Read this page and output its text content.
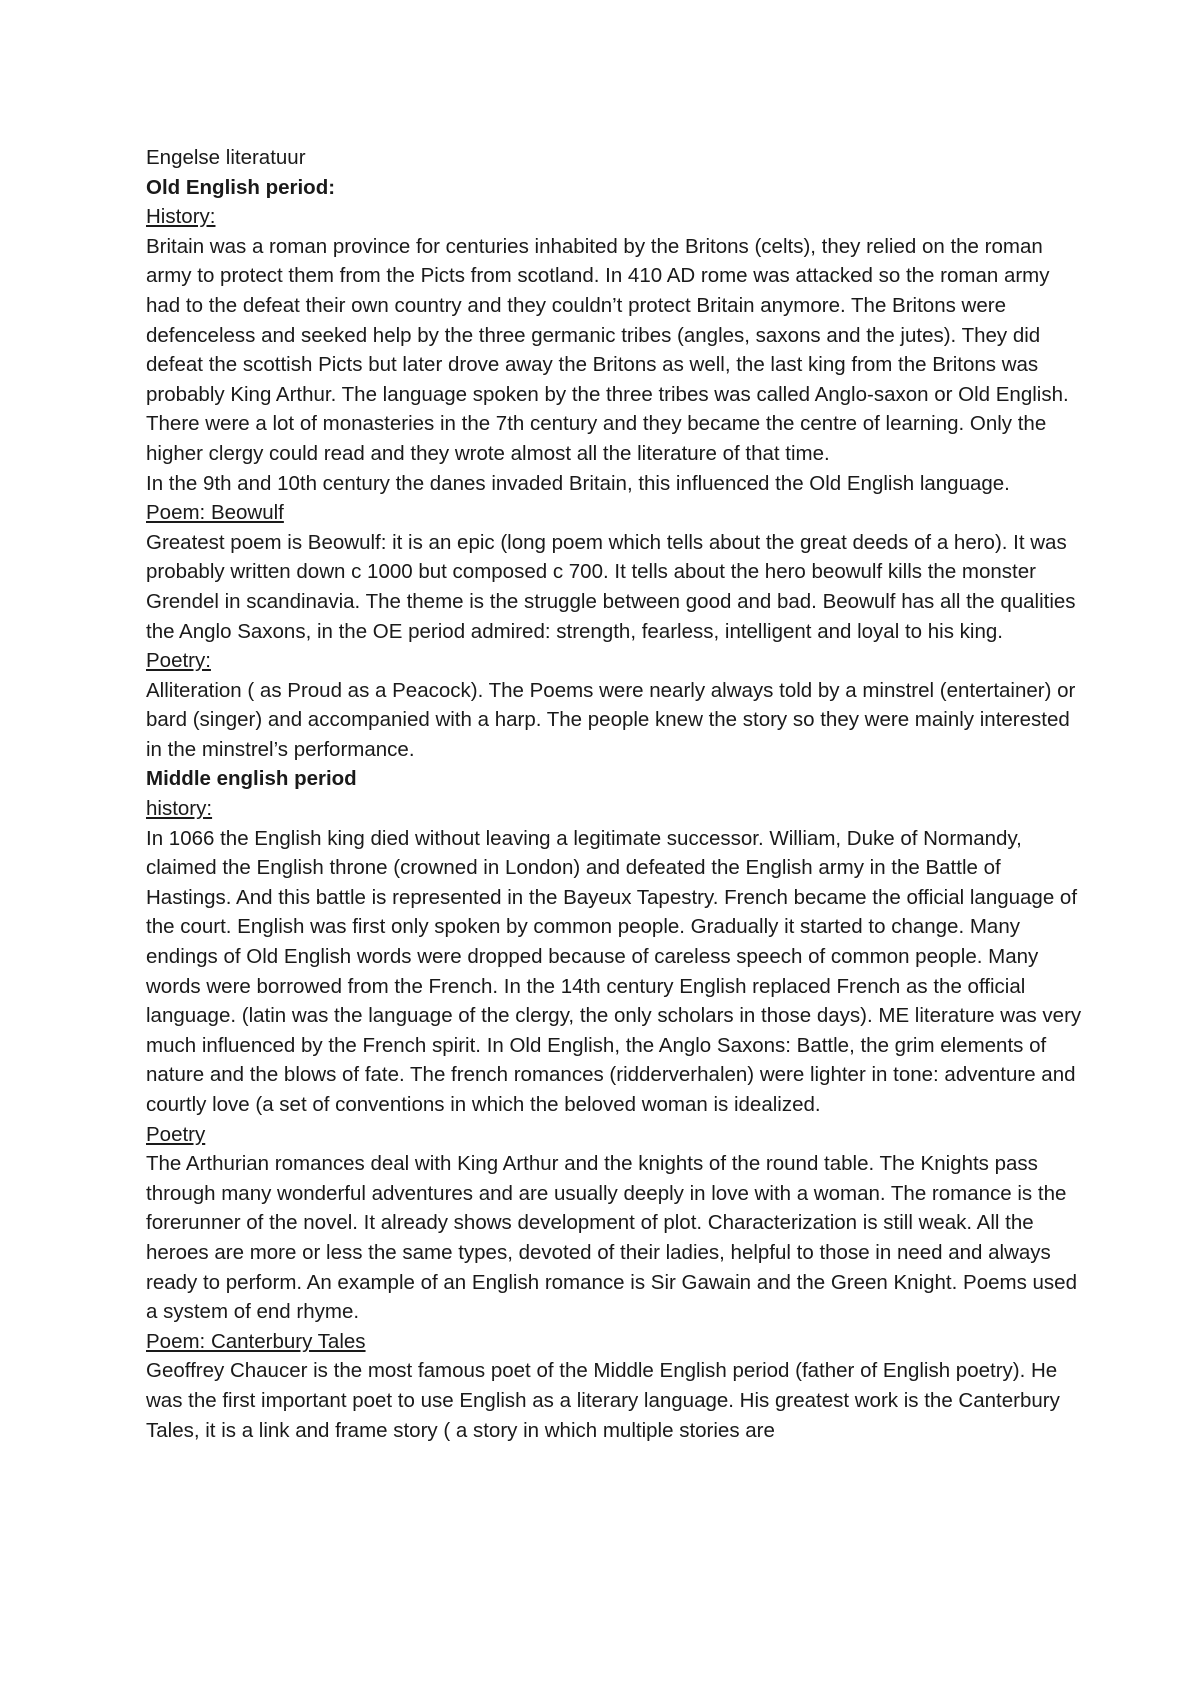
Engelse literatuur

Old English period:

History:

Britain was a roman province for centuries inhabited by the Britons (celts), they relied on the roman army to protect them from the Picts from scotland. In 410 AD rome was attacked so the roman army had to the defeat their own country and they couldn’t protect Britain anymore. The Britons were defenceless and seeked help by the three germanic tribes (angles, saxons and the jutes). They did defeat the scottish Picts but later drove away the Britons as well, the last king from the Britons was probably King Arthur. The language spoken by the three tribes was called Anglo-saxon or Old English.

There were a lot of monasteries in the 7th century and they became the centre of learning. Only the higher clergy could read and they wrote almost all the literature of that time.

In the 9th and 10th century the danes invaded Britain, this influenced the Old English language.

Poem: Beowulf

Greatest poem is Beowulf: it is an epic (long poem which tells about the great deeds of a hero). It was probably written down c 1000 but composed c 700. It tells about the hero beowulf kills the monster Grendel in scandinavia. The theme is the struggle between good and bad. Beowulf has all the qualities the Anglo Saxons, in the OE period admired: strength, fearless, intelligent and loyal to his king.

Poetry:

Alliteration ( as Proud as a Peacock). The Poems were nearly always told by a minstrel (entertainer) or bard (singer) and accompanied with a harp. The people knew the story so they were mainly interested in the minstrel’s performance.

Middle english period

history:

In 1066 the English king died without leaving a legitimate successor. William, Duke of Normandy, claimed the English throne (crowned in London) and defeated the English army in the Battle of Hastings. And this battle is represented in the Bayeux Tapestry. French became the official language of the court. English was first only spoken by common people. Gradually it started to change. Many endings of Old English words were dropped because of careless speech of common people. Many words were borrowed from the French. In the 14th century English replaced French as the official language. (latin was the language of the clergy, the only scholars in those days). ME literature was very much influenced by the French spirit. In Old English, the Anglo Saxons: Battle, the grim elements of nature and the blows of fate. The french romances (ridderverhalen) were lighter in tone: adventure and courtly love (a set of conventions in which the beloved woman is idealized.

Poetry

The Arthurian romances deal with King Arthur and the knights of the round table. The Knights pass through many wonderful adventures and are usually deeply in love with a woman. The romance is the forerunner of the novel. It already shows development of plot. Characterization is still weak. All the heroes are more or less the same types, devoted of their ladies, helpful to those in need and always ready to perform. An example of an English romance is Sir Gawain and the Green Knight. Poems used a system of end rhyme.

Poem: Canterbury Tales

Geoffrey Chaucer is the most famous poet of the Middle English period (father of English poetry). He was the first important poet to use English as a literary language. His greatest work is the Canterbury Tales, it is a link and frame story ( a story in which multiple stories are
